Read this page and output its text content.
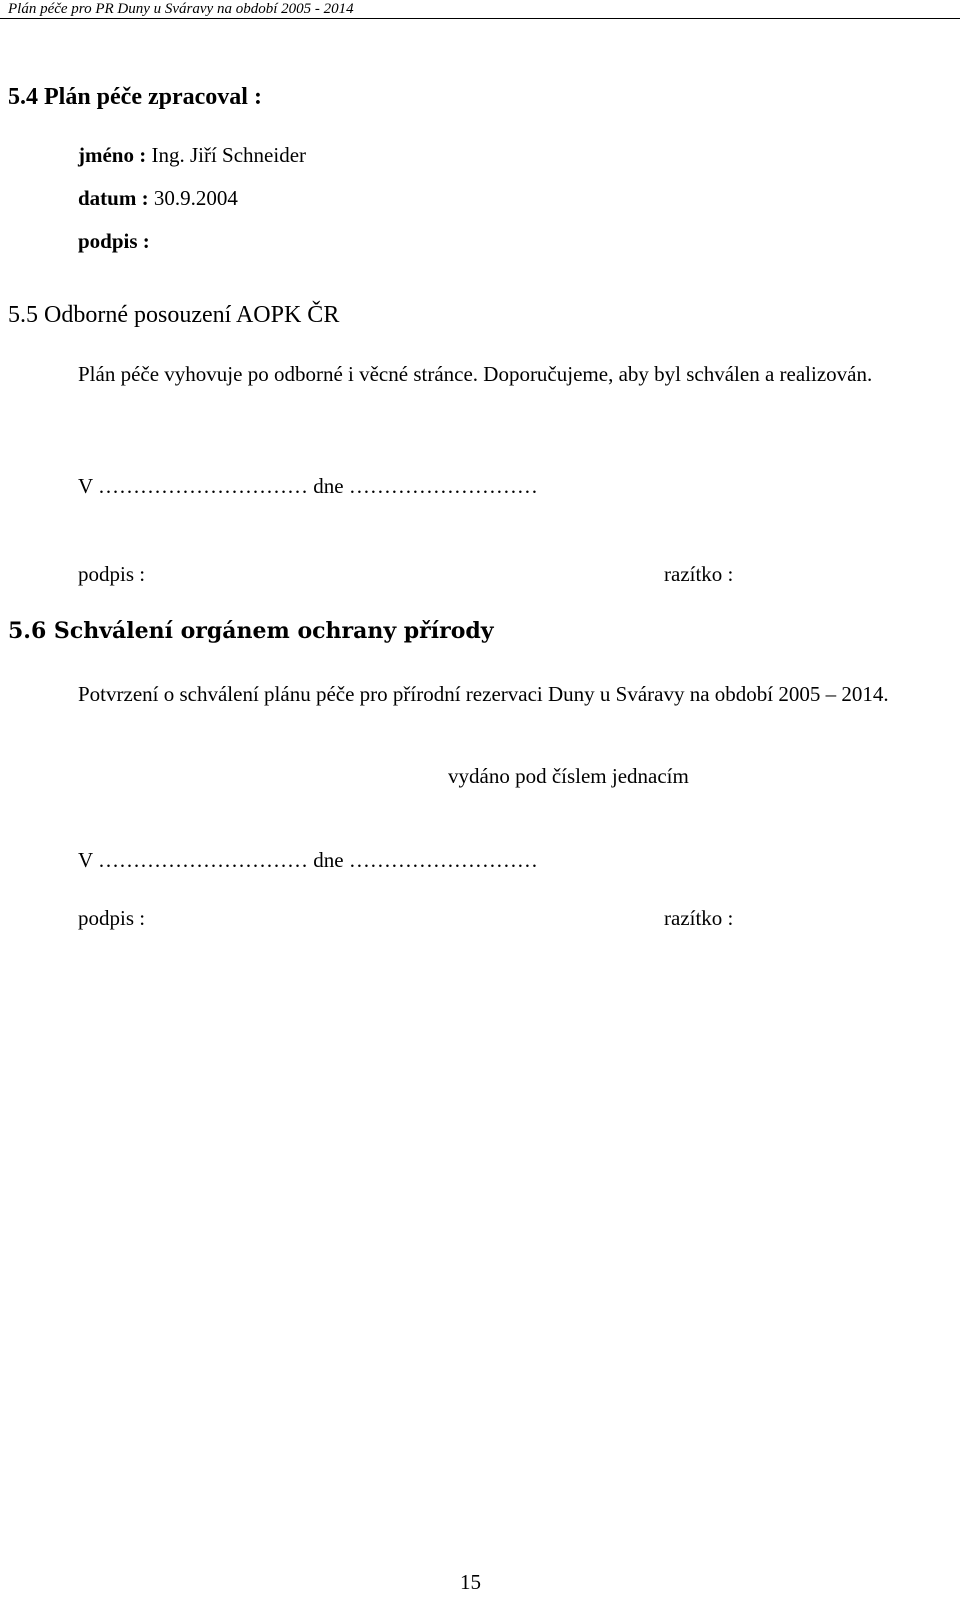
Plán péče pro PR Duny u Sváravy na období 2005 - 2014
5.4 Plán péče zpracoval :
jméno : Ing. Jiří Schneider
datum : 30.9.2004
podpis :
5.5 Odborné posouzení AOPK ČR
Plán péče vyhovuje po odborné i věcné stránce. Doporučujeme, aby byl schválen a realizován.
V ………………………… dne ………………………
podpis :	razítko :
5.6 Schválení orgánem ochrany přírody
Potvrzení o schválení plánu péče pro přírodní rezervaci Duny u Sváravy na období 2005 – 2014.
vydáno pod číslem jednacím
V ………………………… dne ………………………
podpis :	razítko :
15
